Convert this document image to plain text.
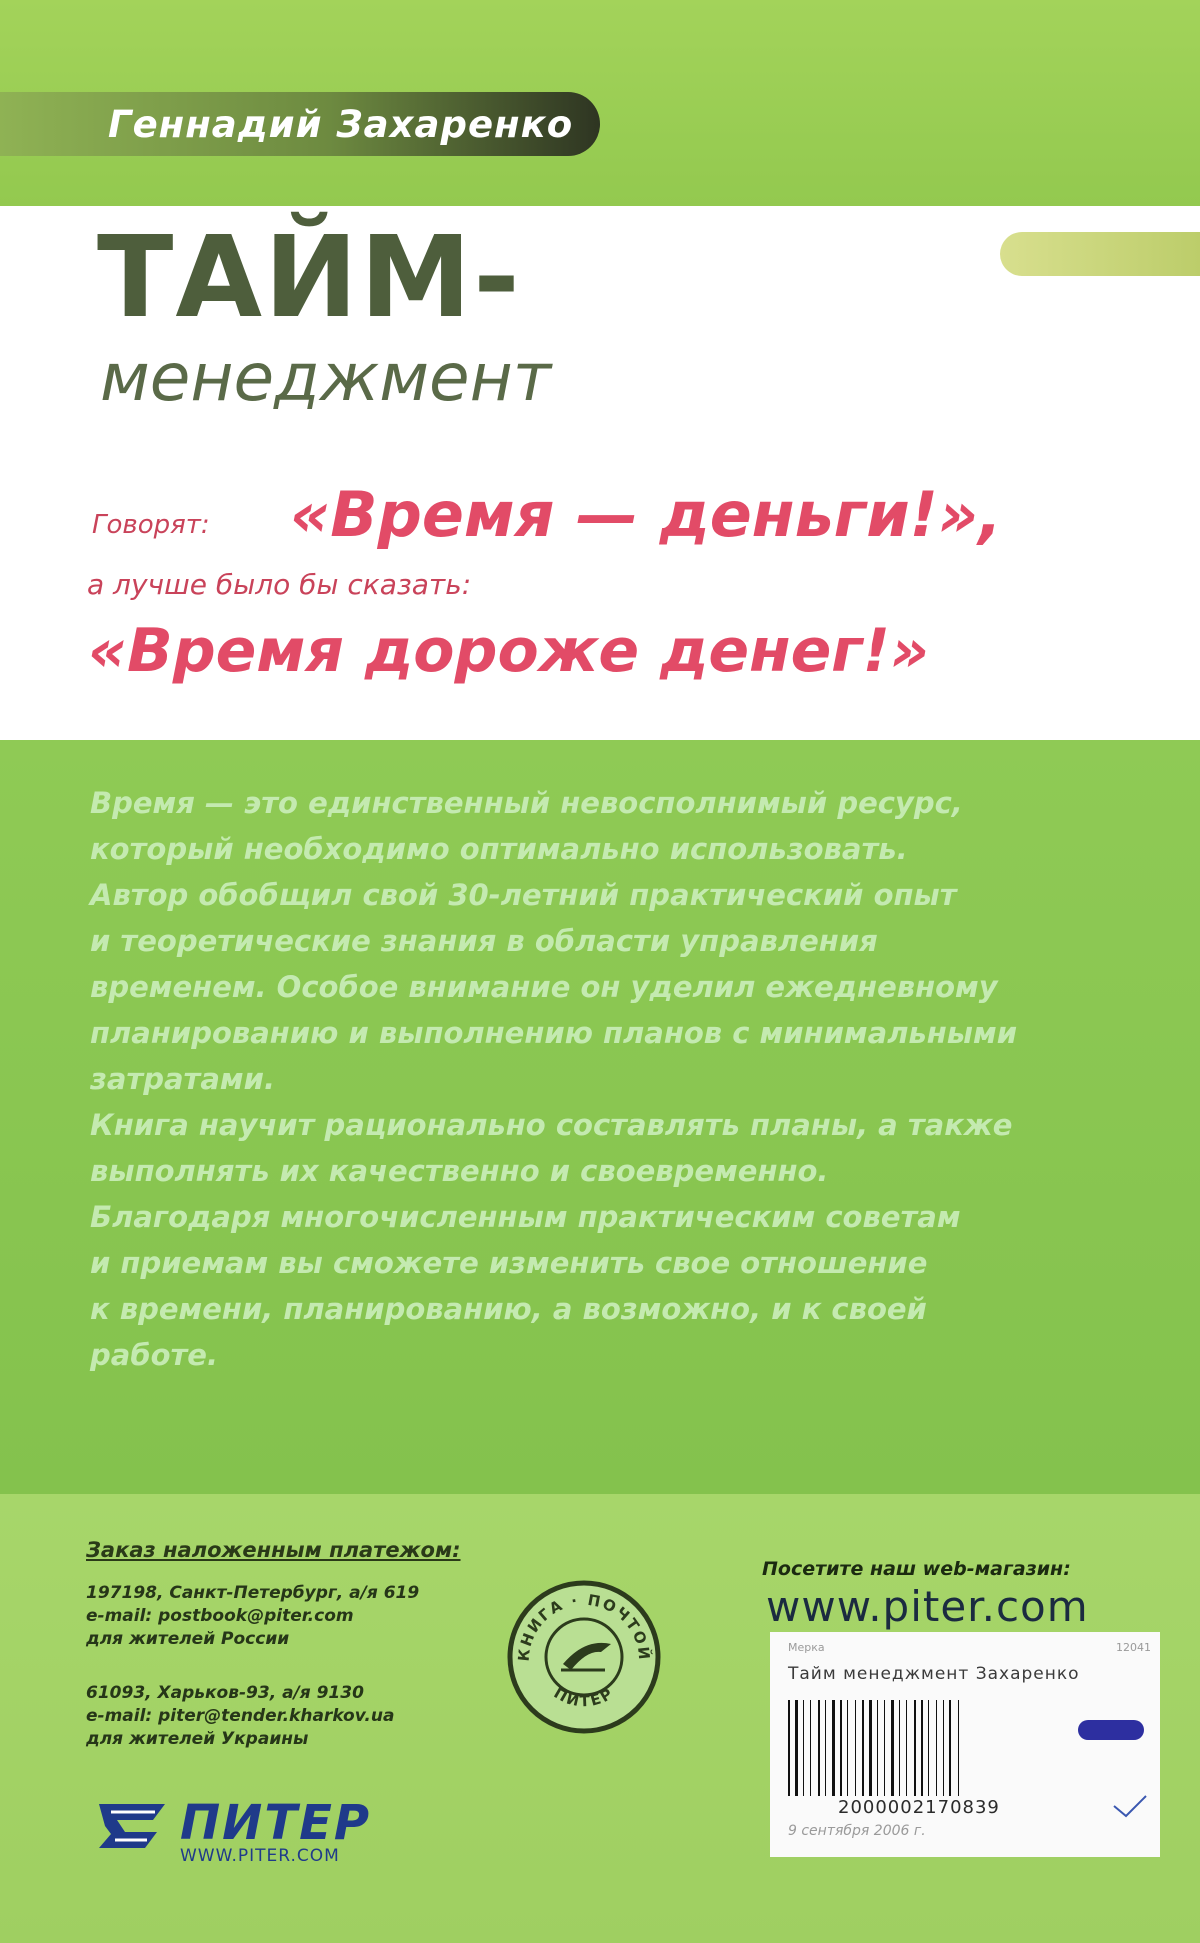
Геннадий Захаренко
ТАЙМ-
менеджмент
Говорят: «Время — деньги!»,
а лучше было бы сказать:
«Время дороже денег!»

Время — это единственный невосполнимый ресурс,

который необходимо оптимально использовать.

Автор обобщил свой 30-летний практический опыт

и теоретические знания в области управления

временем. Особое внимание он уделил ежедневному

планированию и выполнению планов с минимальными

затратами.

Книга научит рационально составлять планы, а также

выполнять их качественно и своевременно.

Благодаря многочисленным практическим советам

и приемам вы сможете изменить свое отношение

к времени, планированию, а возможно, и к своей

работе.

Заказ наложенным платежом:

197198, Санкт-Петербург, а/я 619
e-mail: postbook@piter.com
для жителей России

61093, Харьков-93, а/я 9130
e-mail: piter@tender.kharkov.ua
для жителей Украины

КНИГА · ПОЧТОЙ
ПИТЕР
ПИТЕР
WWW.PITER.COM
Посетите наш web-магазин:
www.piter.com
Мерка	12041
Тайм менеджмент Захаренко
2000002170839
9 сентября 2006 г.
